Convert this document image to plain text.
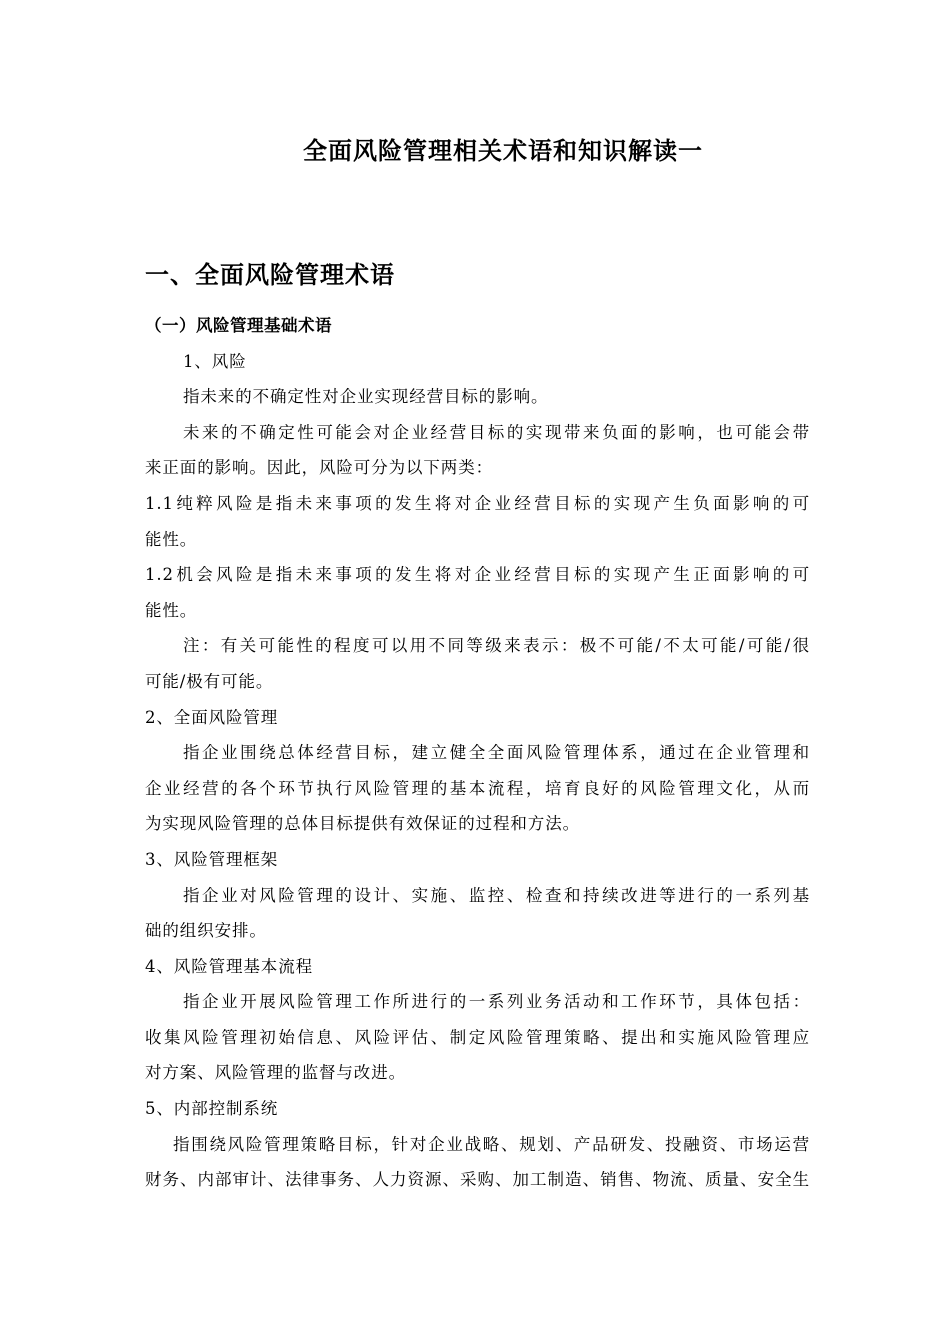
全面风险管理相关术语和知识解读一
一、全面风险管理术语
（一）风险管理基础术语
1、风险
指未来的不确定性对企业实现经营目标的影响。
未来的不确定性可能会对企业经营目标的实现带来负面的影响，也可能会带
来正面的影响。因此，风险可分为以下两类：
1.1纯粹风险是指未来事项的发生将对企业经营目标的实现产生负面影响的可
能性。
1.2机会风险是指未来事项的发生将对企业经营目标的实现产生正面影响的可
能性。
注：有关可能性的程度可以用不同等级来表示：极不可能/不太可能/可能/很
可能/极有可能。
2、全面风险管理
指企业围绕总体经营目标，建立健全全面风险管理体系，通过在企业管理和
企业经营的各个环节执行风险管理的基本流程，培育良好的风险管理文化，从而
为实现风险管理的总体目标提供有效保证的过程和方法。
3、风险管理框架
指企业对风险管理的设计、实施、监控、检查和持续改进等进行的一系列基
础的组织安排。
4、风险管理基本流程
指企业开展风险管理工作所进行的一系列业务活动和工作环节，具体包括：
收集风险管理初始信息、风险评估、制定风险管理策略、提出和实施风险管理应
对方案、风险管理的监督与改进。
5、内部控制系统
指围绕风险管理策略目标，针对企业战略、规划、产品研发、投融资、市场运营
财务、内部审计、法律事务、人力资源、采购、加工制造、销售、物流、质量、安全生
